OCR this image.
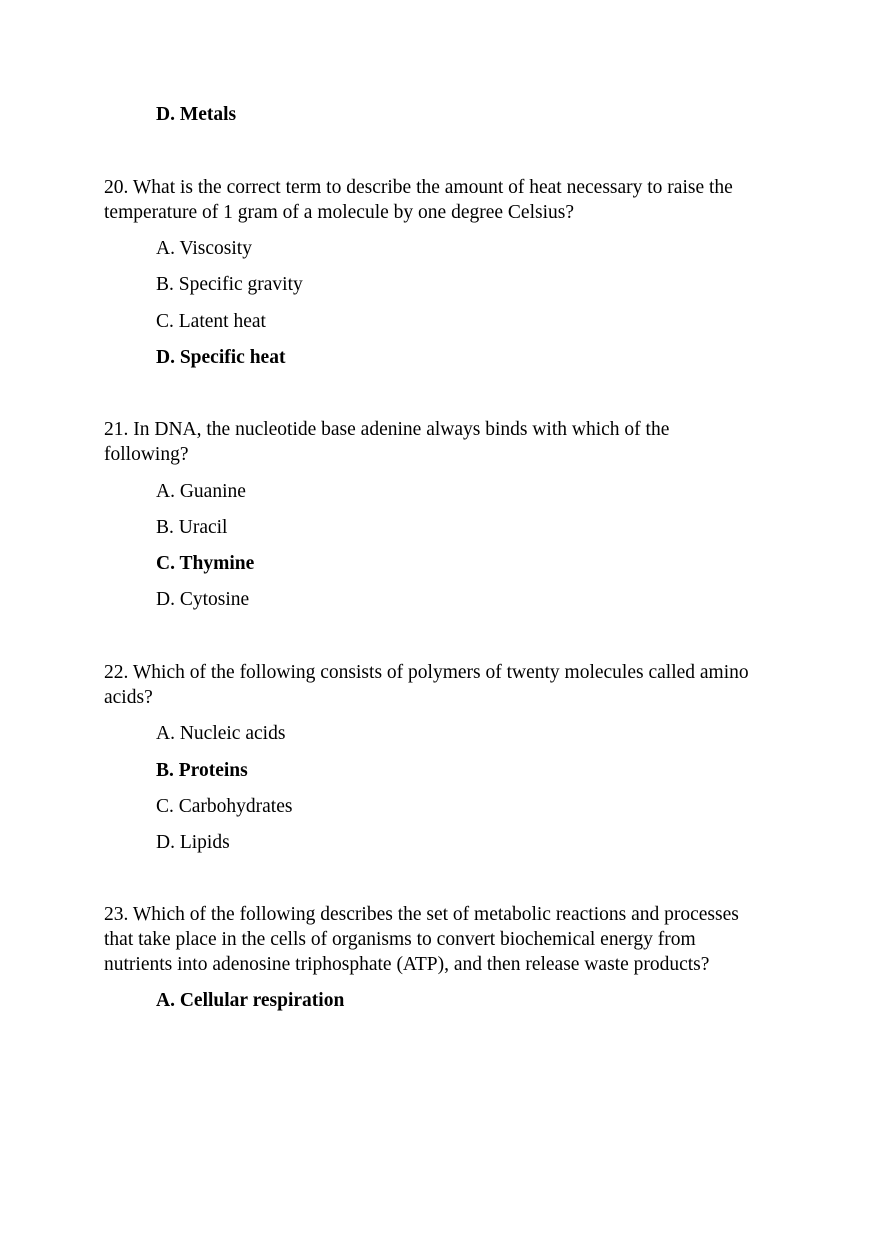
D. Metals
20. What is the correct term to describe the amount of heat necessary to raise the
temperature of 1 gram of a molecule by one degree Celsius?
A. Viscosity
B. Specific gravity
C. Latent heat
D. Specific heat
21. In DNA, the nucleotide base adenine always binds with which of the
following?
A. Guanine
B. Uracil
C. Thymine
D. Cytosine
22. Which of the following consists of polymers of twenty molecules called amino
acids?
A. Nucleic acids
B. Proteins
C. Carbohydrates
D. Lipids
23. Which of the following describes the set of metabolic reactions and processes
that take place in the cells of organisms to convert biochemical energy from
nutrients into adenosine triphosphate (ATP), and then release waste products?
A. Cellular respiration
